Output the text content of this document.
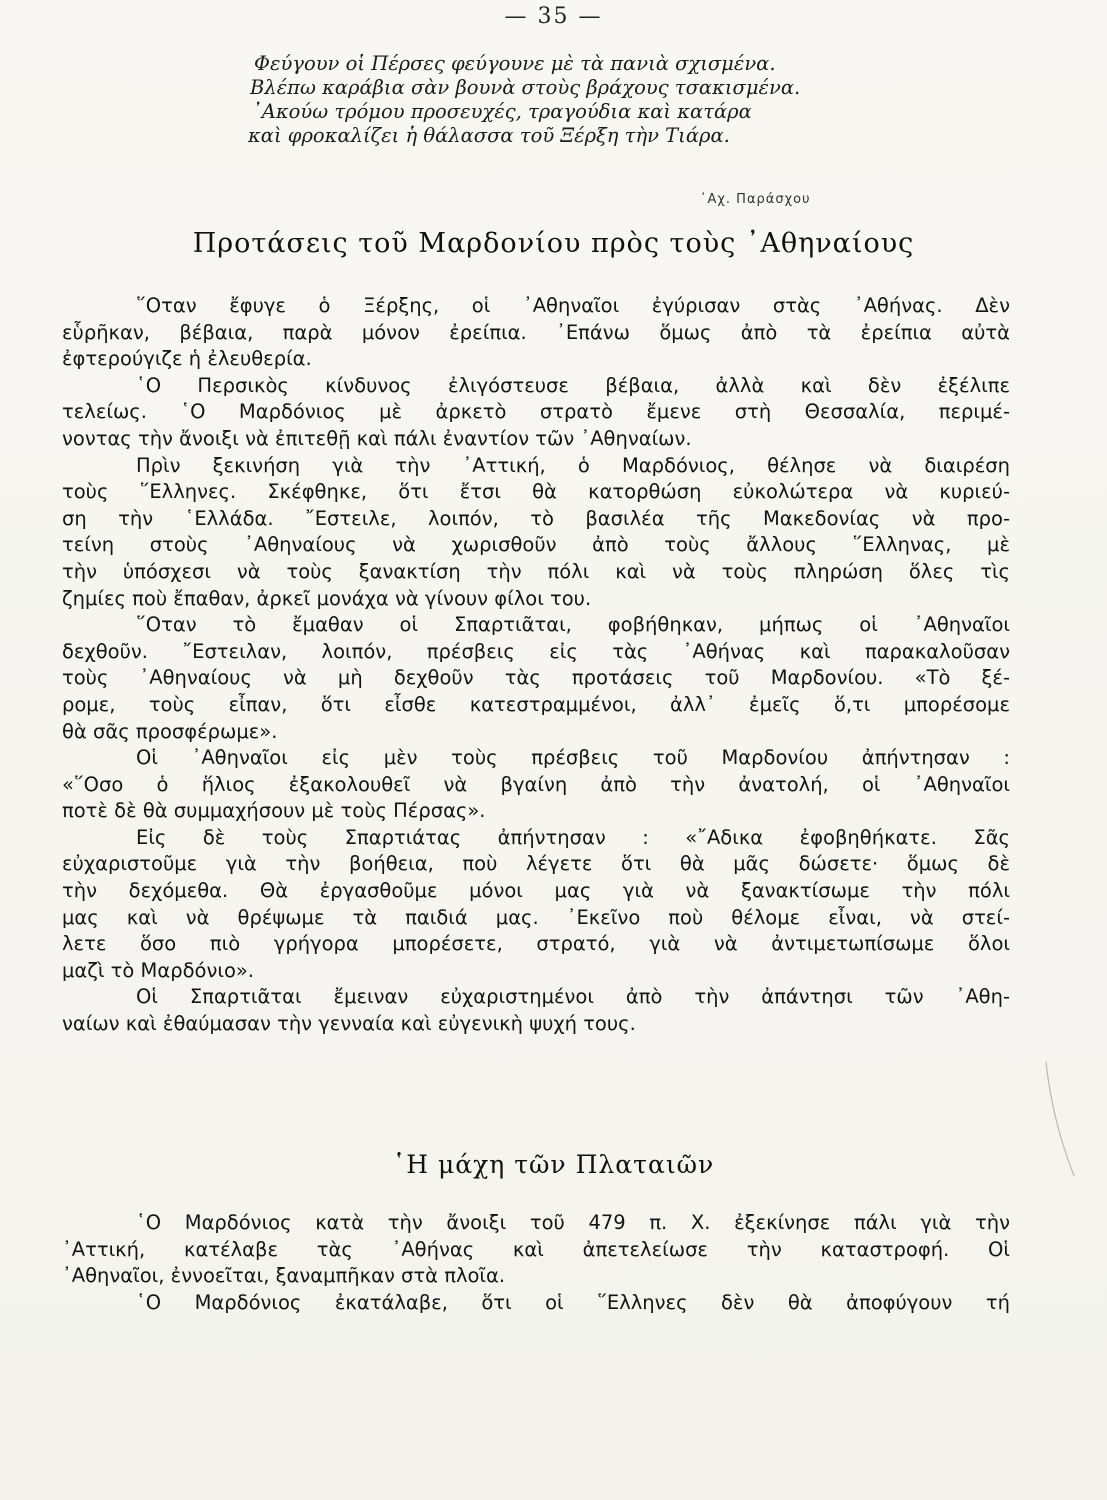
— 35 —
Φεύγουν οἱ Πέρσες φεύγουνε μὲ τὰ πανιὰ σχισμένα.
Βλέπω καράβια σὰν βουνὰ στοὺς βράχους τσακισμένα.
᾿Ακούω τρόμου προσευχές, τραγούδια καὶ κατάρα
καὶ φροκαλίζει ἡ θάλασσα τοῦ Ξέρξη τὴν Τιάρα.
᾿Αχ. Παράσχου
Προτάσεις τοῦ Μαρδονίου πρὸς τοὺς ᾿Αθηναίους
῞Οταν ἔφυγε ὁ Ξέρξης, οἱ ᾿Αθηναῖοι ἐγύρισαν στὰς ᾿Αθήνας. Δὲν
εὗρῆκαν, βέβαια, παρὰ μόνον ἐρείπια. ᾿Επάνω ὅμως ἀπὸ τὰ ἐρείπια αὐτὰ
ἐφτερούγιζε ἡ ἐλευθερία.
῾Ο Περσικὸς κίνδυνος ἐλιγόστευσε βέβαια, ἀλλὰ καὶ δὲν ἐξέλιπε
τελείως. ῾Ο Μαρδόνιος μὲ ἀρκετὸ στρατὸ ἔμενε στὴ Θεσσαλία, περιμέ-
νοντας τὴν ἄνοιξι νὰ ἐπιτεθῇ καὶ πάλι ἐναντίον τῶν ᾿Αθηναίων.
Πρὶν ξεκινήση γιὰ τὴν ᾿Αττική, ὁ Μαρδόνιος, θέλησε νὰ διαιρέση
τοὺς ῞Ελληνες. Σκέφθηκε, ὅτι ἔτσι θὰ κατορθώση εὐκολώτερα νὰ κυριεύ-
ση τὴν ῾Ελλάδα. ῎Εστειλε, λοιπόν, τὸ βασιλέα τῆς Μακεδονίας νὰ προ-
τείνη στοὺς ᾿Αθηναίους νὰ χωρισθοῦν ἀπὸ τοὺς ἄλλους ῞Ελληνας, μὲ
τὴν ὑπόσχεσι νὰ τοὺς ξανακτίση τὴν πόλι καὶ νὰ τοὺς πληρώση ὅλες τὶς
ζημίες ποὺ ἔπαθαν, ἀρκεῖ μονάχα νὰ γίνουν φίλοι του.
῞Οταν τὸ ἔμαθαν οἱ Σπαρτιᾶται, φοβήθηκαν, μήπως οἱ ᾿Αθηναῖοι
δεχθοῦν. ῎Εστειλαν, λοιπόν, πρέσβεις εἰς τὰς ᾿Αθήνας καὶ παρακαλοῦσαν
τοὺς ᾿Αθηναίους νὰ μὴ δεχθοῦν τὰς προτάσεις τοῦ Μαρδονίου. «Τὸ ξέ-
ρομε, τοὺς εἶπαν, ὅτι εἶσθε κατεστραμμένοι, ἀλλ᾿ ἐμεῖς ὅ,τι μπορέσομε
θὰ σᾶς προσφέρωμε».
Οἱ ᾿Αθηναῖοι εἰς μὲν τοὺς πρέσβεις τοῦ Μαρδονίου ἀπήντησαν :
«῞Οσο ὁ ἥλιος ἐξακολουθεῖ νὰ βγαίνη ἀπὸ τὴν ἀνατολή, οἱ ᾿Αθηναῖοι
ποτὲ δὲ θὰ συμμαχήσουν μὲ τοὺς Πέρσας».
Εἰς δὲ τοὺς Σπαρτιάτας ἀπήντησαν : «῎Αδικα ἐφοβηθήκατε. Σᾶς
εὐχαριστοῦμε γιὰ τὴν βοήθεια, ποὺ λέγετε ὅτι θὰ μᾶς δώσετε· ὅμως δὲ
τὴν δεχόμεθα. Θὰ ἐργασθοῦμε μόνοι μας γιὰ νὰ ξανακτίσωμε τὴν πόλι
μας καὶ νὰ θρέψωμε τὰ παιδιά μας. ᾿Εκεῖνο ποὺ θέλομε εἶναι, νὰ στεί-
λετε ὅσο πιὸ γρήγορα μπορέσετε, στρατό, γιὰ νὰ ἀντιμετωπίσωμε ὅλοι
μαζὶ τὸ Μαρδόνιο».
Οἱ Σπαρτιᾶται ἔμειναν εὐχαριστημένοι ἀπὸ τὴν ἀπάντησι τῶν ᾿Αθη-
ναίων καὶ ἐθαύμασαν τὴν γενναία καὶ εὐγενικὴ ψυχή τους.
῾Η μάχη τῶν Πλαταιῶν
῾Ο Μαρδόνιος κατὰ τὴν ἄνοιξι τοῦ 479 π. Χ. ἐξεκίνησε πάλι γιὰ τὴν
᾿Αττική, κατέλαβε τὰς ᾿Αθήνας καὶ ἀπετελείωσε τὴν καταστροφή. Οἱ
᾿Αθηναῖοι, ἐννοεῖται, ξαναμπῆκαν στὰ πλοῖα.
῾Ο Μαρδόνιος ἐκατάλαβε, ὅτι οἱ ῞Ελληνες δὲν θὰ ἀποφύγουν τή
